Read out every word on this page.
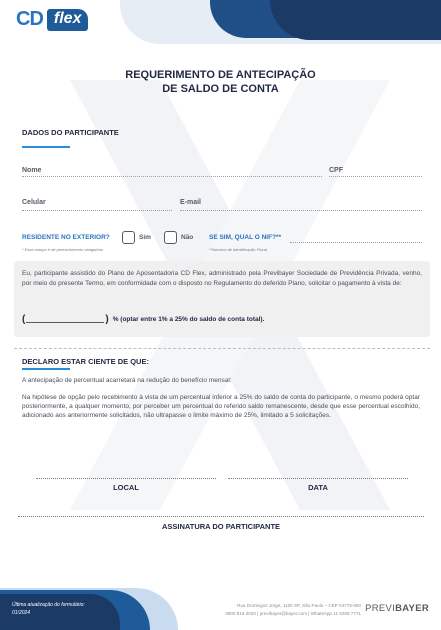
CD flex
REQUERIMENTO DE ANTECIPAÇÃO
DE SALDO DE CONTA
DADOS DO PARTICIPANTE
Nome	CPF
Celular	E-mail
RESIDENTE NO EXTERIOR?	Sim	Não SE SIM, QUAL O NIF?**
* Esse campo é de preenchimento obrigatório	**Número de Identificação Fiscal
Eu, participante assistido do Plano de Aposentadoria CD Flex, administrado pela Previbayer Sociedade de Previdência Privada, venho, por meio do presente Termo, em conformidade com o disposto no Regulamento do deferido Plano, solicitar o pagamento à vista de:
(	) % (optar entre 1% a 25% do saldo de conta total).
DECLARO ESTAR CIENTE DE QUE:
A antecipação de percentual acarretará na redução do benefício mensal:
Na hipótese de opção pelo recebimento à vista de um percentual inferior a 25% do saldo de conta do participante, o mesmo poderá optar posteriormente, a qualquer momento, por perceber um percentual do referido saldo remanescente, desde que esse percentual escolhido, adicionado aos anteriormente solicitados, não ultrapasse o limite máximo de 25%, limitado a 5 solicitações.
LOCAL	DATA
ASSINATURA DO PARTICIPANTE
Última atualização do formulário:
01/2024
Rua Domingos Jorge, 1100 SP, São Paulo – CEP 04779-900
0800 818 2020 | previbayer@bayer.com | WhatsApp 11 5039 7771 PREVIBAYER
